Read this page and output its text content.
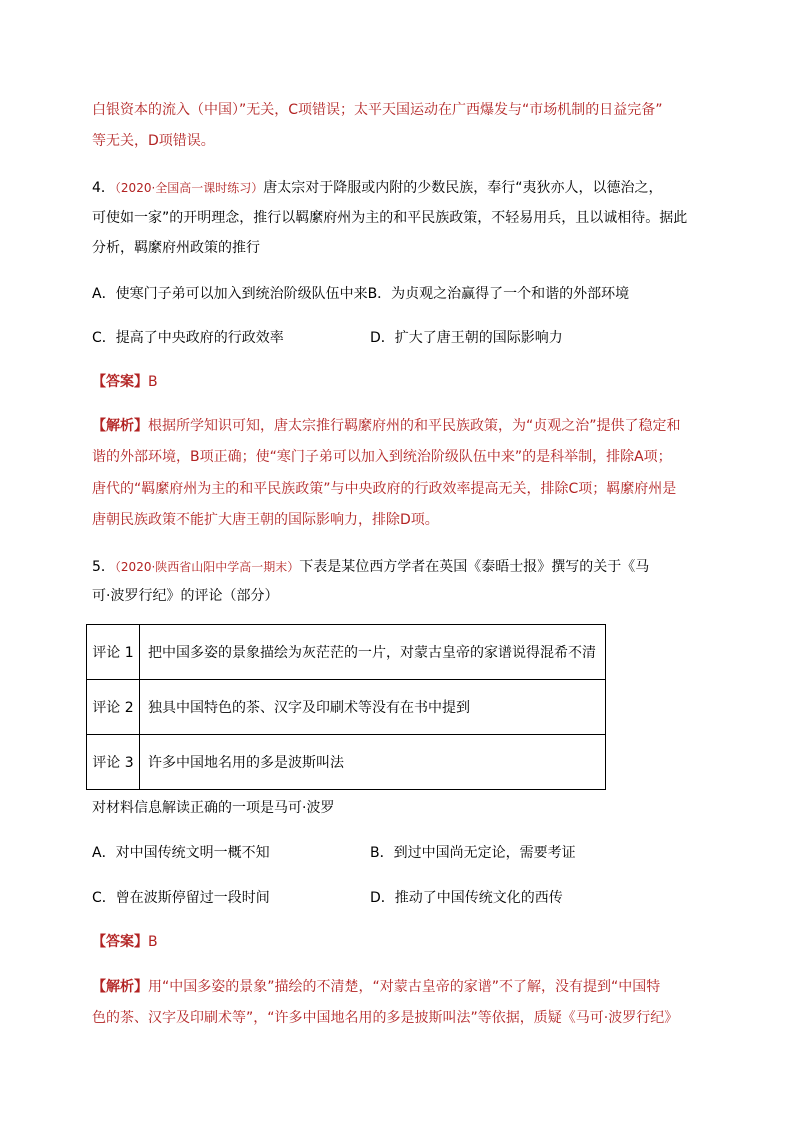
白银资本的流入（中国）”无关，C项错误；太平天国运动在广西爆发与“市场机制的日益完备”
等无关，D项错误。
4．（2020·全国高一课时练习）唐太宗对于降服或内附的少数民族，奉行“夷狄亦人，以德治之，
可使如一家”的开明理念，推行以羁縻府州为主的和平民族政策，不轻易用兵，且以诚相待。据此
分析，羁縻府州政策的推行
A．使寒门子弟可以加入到统治阶级队伍中来B．为贞观之治赢得了一个和谐的外部环境
C．提高了中央政府的行政效率	D．扩大了唐王朝的国际影响力
【答案】B
【解析】根据所学知识可知，唐太宗推行羁縻府州的和平民族政策，为“贞观之治”提供了稳定和
谐的外部环境，B项正确；使“寒门子弟可以加入到统治阶级队伍中来”的是科举制，排除A项；
唐代的“羁縻府州为主的和平民族政策”与中央政府的行政效率提高无关，排除C项；羁縻府州是
唐朝民族政策不能扩大唐王朝的国际影响力，排除D项。
5．（2020·陕西省山阳中学高一期末）下表是某位西方学者在英国《泰晤士报》撰写的关于《马
可·波罗行纪》的评论（部分）
评论 1	把中国多姿的景象描绘为灰茫茫的一片，对蒙古皇帝的家谱说得混希不清
评论 2	独具中国特色的茶、汉字及印刷术等没有在书中提到
评论 3	许多中国地名用的多是波斯叫法
对材料信息解读正确的一项是马可·波罗
A．对中国传统文明一概不知	B．到过中国尚无定论，需要考证
C．曾在波斯停留过一段时间	D．推动了中国传统文化的西传
【答案】B
【解析】用“中国多姿的景象”描绘的不清楚，“对蒙古皇帝的家谱”不了解，没有提到“中国特
色的茶、汉字及印刷术等”，“许多中国地名用的多是披斯叫法”等依据，质疑《马可·波罗行纪》
